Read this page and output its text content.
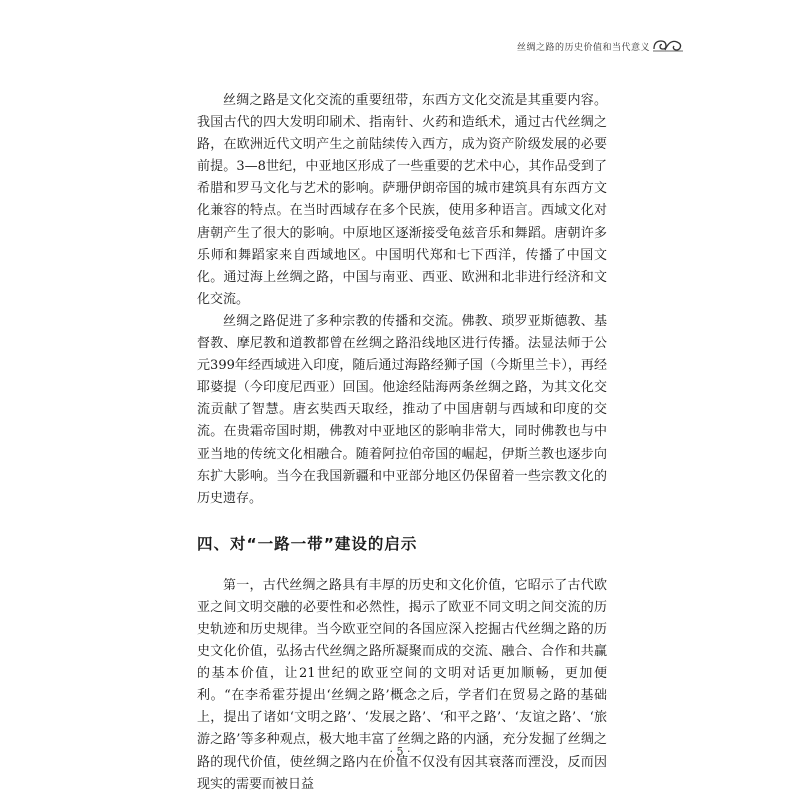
丝绸之路的历史价值和当代意义

丝绸之路是文化交流的重要纽带，东西方文化交流是其重要内容。我国古代的四大发明印刷术、指南针、火药和造纸术，通过古代丝绸之路，在欧洲近代文明产生之前陆续传入西方，成为资产阶级发展的必要前提。3—8世纪，中亚地区形成了一些重要的艺术中心，其作品受到了希腊和罗马文化与艺术的影响。萨珊伊朗帝国的城市建筑具有东西方文化兼容的特点。在当时西域存在多个民族，使用多种语言。西域文化对唐朝产生了很大的影响。中原地区逐渐接受龟兹音乐和舞蹈。唐朝许多乐师和舞蹈家来自西域地区。中国明代郑和七下西洋，传播了中国文化。通过海上丝绸之路，中国与南亚、西亚、欧洲和北非进行经济和文化交流。

丝绸之路促进了多种宗教的传播和交流。佛教、琐罗亚斯德教、基督教、摩尼教和道教都曾在丝绸之路沿线地区进行传播。法显法师于公元399年经西域进入印度，随后通过海路经狮子国（今斯里兰卡），再经耶婆提（今印度尼西亚）回国。他途经陆海两条丝绸之路，为其文化交流贡献了智慧。唐玄奘西天取经，推动了中国唐朝与西域和印度的交流。在贵霜帝国时期，佛教对中亚地区的影响非常大，同时佛教也与中亚当地的传统文化相融合。随着阿拉伯帝国的崛起，伊斯兰教也逐步向东扩大影响。当今在我国新疆和中亚部分地区仍保留着一些宗教文化的历史遗存。

四、对“一路一带”建设的启示

第一，古代丝绸之路具有丰厚的历史和文化价值，它昭示了古代欧亚之间文明交融的必要性和必然性，揭示了欧亚不同文明之间交流的历史轨迹和历史规律。当今欧亚空间的各国应深入挖掘古代丝绸之路的历史文化价值，弘扬古代丝绸之路所凝聚而成的交流、融合、合作和共赢的基本价值，让21世纪的欧亚空间的文明对话更加顺畅，更加便利。“在李希霍芬提出‘丝绸之路’概念之后，学者们在贸易之路的基础上，提出了诸如‘文明之路’、‘发展之路’、‘和平之路’、‘友谊之路’、‘旅游之路’等多种观点，极大地丰富了丝绸之路的内涵，充分发掘了丝绸之路的现代价值，使丝绸之路内在价值不仅没有因其衰落而湮没，反而因现实的需要而被日益

· 5 ·
